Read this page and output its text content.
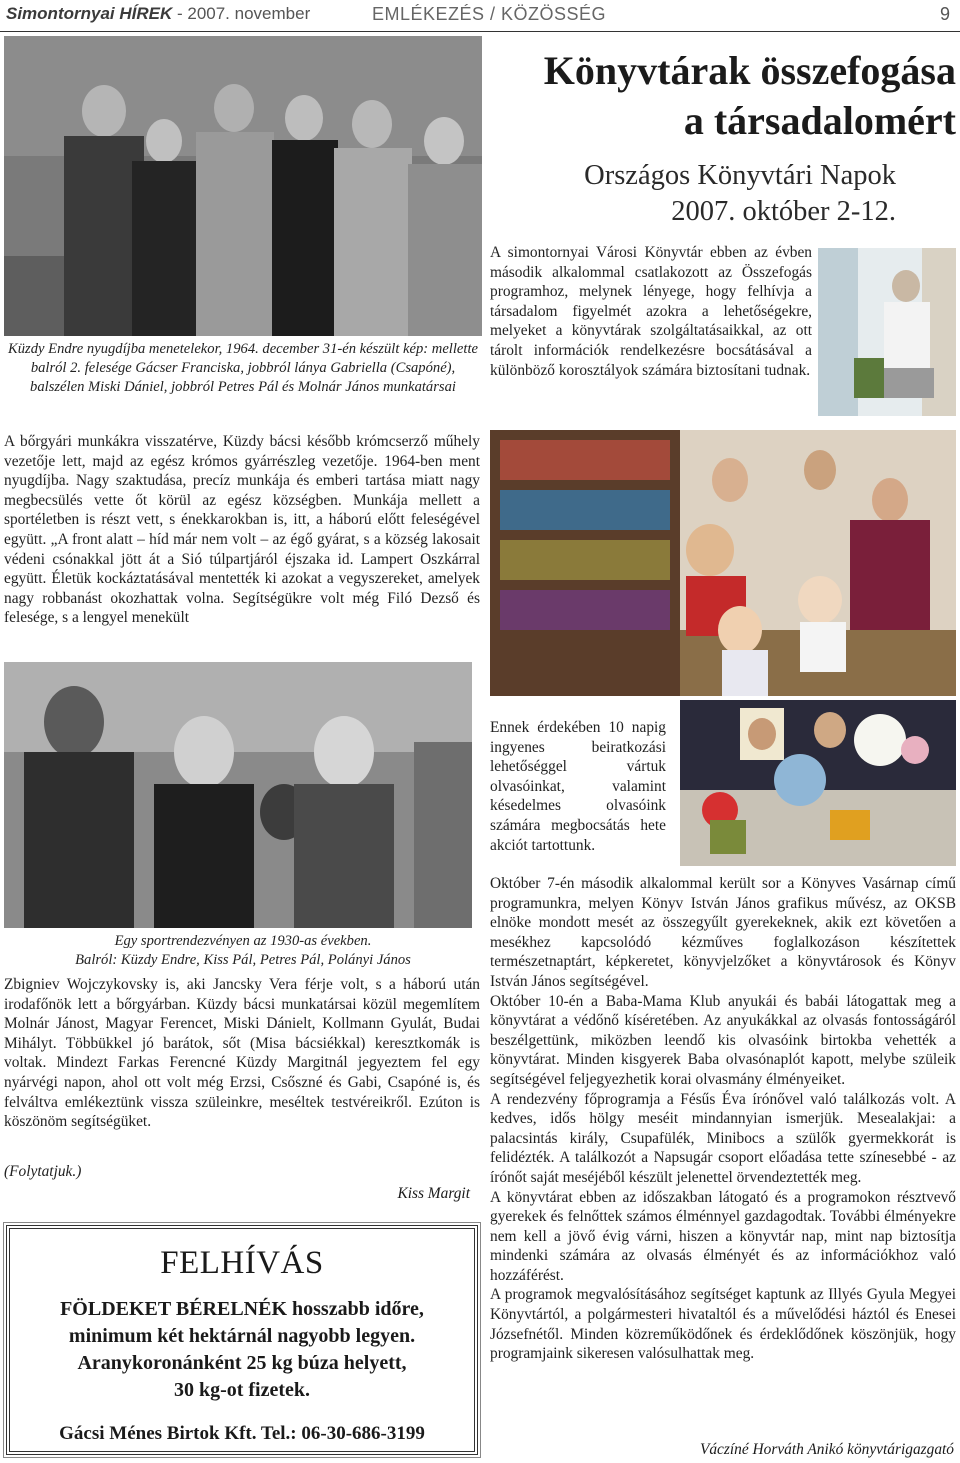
Simontornyai HÍREK - 2007. november	EMLÉKEZÉS / KÖZÖSSÉG	9
Küzdy Endre nyugdíjba menetelekor, 1964. december 31-én készült kép: mellette balról 2. felesége Gácser Franciska, jobbról lánya Gabriella (Csapóné), balszélen Miski Dániel, jobbról Petres Pál és Molnár János munkatársai
A bőrgyári munkákra visszatérve, Küzdy bácsi később krómcserző műhely vezetője lett, majd az egész krómos gyárrészleg vezetője. 1964-ben ment nyugdíjba. Nagy szaktudása, precíz munkája és emberi tartása miatt nagy megbecsülés vette őt körül az egész községben. Munkája mellett a sportéletben is részt vett, s énekkarokban is, itt, a háború előtt feleségével együtt. „A front alatt – híd már nem volt – az égő gyárat, s a község lakosait védeni csónakkal jött át a Sió túlpartjáról éjszaka id. Lampert Oszkárral együtt. Életük kockáztatásával mentették ki azokat a vegyszereket, amelyek nagy robbanást okozhattak volna. Segítségükre volt még Filó Dezső és felesége, s a lengyel menekült
Egy sportrendezvényen az 1930-as években.
Balról: Küzdy Endre, Kiss Pál, Petres Pál, Polányi János
Zbigniev Wojczykovsky is, aki Jancsky Vera férje volt, s a háború után irodafőnök lett a bőrgyárban. Küzdy bácsi munkatársai közül megemlítem Molnár Jánost, Magyar Ferencet, Miski Dánielt, Kollmann Gyulát, Budai Mihályt. Többükkel jó barátok, sőt (Misa bácsiékkal) keresztkomák is voltak. Mindezt Farkas Ferencné Küzdy Margitnál jegyeztem fel egy nyárvégi napon, ahol ott volt még Erzsi, Csőszné és Gabi, Csapóné is, és felváltva emlékeztünk vissza szüleinkre, meséltek testvéreikről. Ezúton is köszönöm segítségüket.
(Folytatjuk.)
Kiss Margit
FELHÍVÁS
FÖLDEKET BÉRELNÉK hosszabb időre,
minimum két hektárnál nagyobb legyen.
Aranykoronánként 25 kg búza helyett,
30 kg-ot fizetek.
Gácsi Ménes Birtok Kft. Tel.: 06-30-686-3199
Könyvtárak összefogása
a társadalomért
Országos Könyvtári Napok
2007. október 2-12.
A simontornyai Városi Könyvtár ebben az évben második alkalommal csatlakozott az Összefogás programhoz, melynek lényege, hogy felhívja a társadalom figyelmét azokra a lehetőségekre, melyeket a könyvtárak szolgáltatásaikkal, az ott tárolt információk rendelkezésre bocsátásával a különböző korosztályok számára biztosítani tudnak.
Ennek érdekében 10 napig ingyenes beiratkozási lehetőséggel vártuk olvasóinkat, valamint késedelmes olvasóink számára megbocsátás hete akciót tartottunk.

Október 7-én második alkalommal került sor a Könyves Vasárnap című programunkra, melyen Könyv István János grafikus művész, az OKSB elnöke mondott mesét az összegyűlt gyerekeknek, akik ezt követően a mesékhez kapcsolódó kézműves foglalkozáson készítettek természetnaptárt, képkeretet, könyvjelzőket a könyvtárosok és Könyv István János segítségével.

Október 10-én a Baba-Mama Klub anyukái és babái látogattak meg a könyvtárat a védőnő kíséretében. Az anyukákkal az olvasás fontosságáról beszélgettünk, miközben leendő kis olvasóink birtokba vehették a könyvtárat. Minden kisgyerek Baba olvasónaplót kapott, melybe szüleik segítségével feljegyezhetik korai olvasmány élményeiket.

A rendezvény főprogramja a Fésűs Éva írónővel való találkozás volt. A kedves, idős hölgy meséit mindannyian ismerjük. Mesealakjai: a palacsintás király, Csupafülék, Minibocs a szülők gyermekkorát is felidézték. A találkozót a Napsugár csoport előadása tette színesebbé - az írónőt saját meséjéből készült jelenettel örvendeztették meg.

A könyvtárat ebben az időszakban látogató és a programokon résztvevő gyerekek és felnőttek számos élménnyel gazdagodtak. További élményekre nem kell a jövő évig várni, hiszen a könyvtár nap, mint nap biztosítja mindenki számára az olvasás élményét és az információkhoz való hozzáférést.

A programok megvalósításához segítséget kaptunk az Illyés Gyula Megyei Könyvtártól, a polgármesteri hivataltól és a művelődési háztól és Enesei Józsefnétől. Minden közreműködőnek és érdeklődőnek köszönjük, hogy programjaink sikeresen valósulhattak meg.

Váczíné Horváth Anikó könyvtárigazgató
